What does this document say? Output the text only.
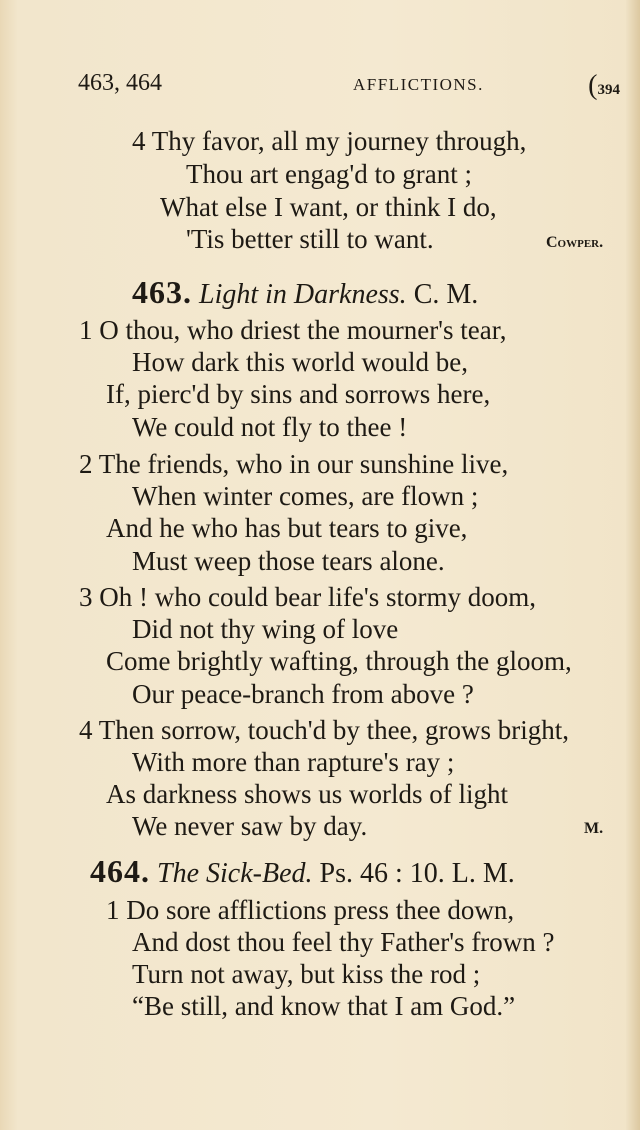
463, 464	AFFLICTIONS.	(394
4 Thy favor, all my journey through,
Thou art engag'd to grant ;
What else I want, or think I do,
'Tis better still to want.	Cowper.
463. Light in Darkness. C. M.
1 O thou, who driest the mourner's tear,
How dark this world would be,
If, pierc'd by sins and sorrows here,
We could not fly to thee !
2 The friends, who in our sunshine live,
When winter comes, are flown ;
And he who has but tears to give,
Must weep those tears alone.
3 Oh ! who could bear life's stormy doom,
Did not thy wing of love
Come brightly wafting, through the gloom,
Our peace-branch from above ?
4 Then sorrow, touch'd by thee, grows bright,
With more than rapture's ray ;
As darkness shows us worlds of light
We never saw by day.	M.
464. The Sick-Bed. Ps. 46 : 10. L. M.
1 Do sore afflictions press thee down,
And dost thou feel thy Father's frown ?
Turn not away, but kiss the rod ;
“Be still, and know that I am God.”
